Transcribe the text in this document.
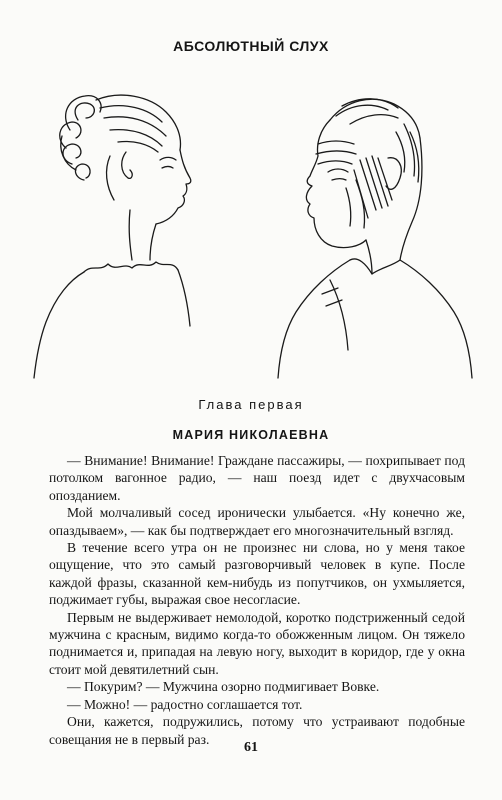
АБСОЛЮТНЫЙ СЛУХ
Глава первая
МАРИЯ НИКОЛАЕВНА

— Внимание! Внимание! Граждане пассажиры, — похрипывает под потолком вагонное радио, — наш поезд идет с двухчасовым опозданием.

Мой молчаливый сосед иронически улыбается. «Ну конечно же, опаздываем», — как бы подтверждает его многозначительный взгляд.

В течение всего утра он не произнес ни слова, но у меня такое ощущение, что это самый разговорчивый человек в купе. После каждой фразы, сказанной кем-нибудь из попутчиков, он ухмыляется, поджимает губы, выражая свое несогласие.

Первым не выдерживает немолодой, коротко подстриженный седой мужчина с красным, видимо когда-то обожженным лицом. Он тяжело поднимается и, припадая на левую ногу, выходит в коридор, где у окна стоит мой девятилетний сын.

— Покурим? — Мужчина озорно подмигивает Вовке.

— Можно! — радостно соглашается тот.

Они, кажется, подружились, потому что устраивают подобные совещания не в первый раз.

61
